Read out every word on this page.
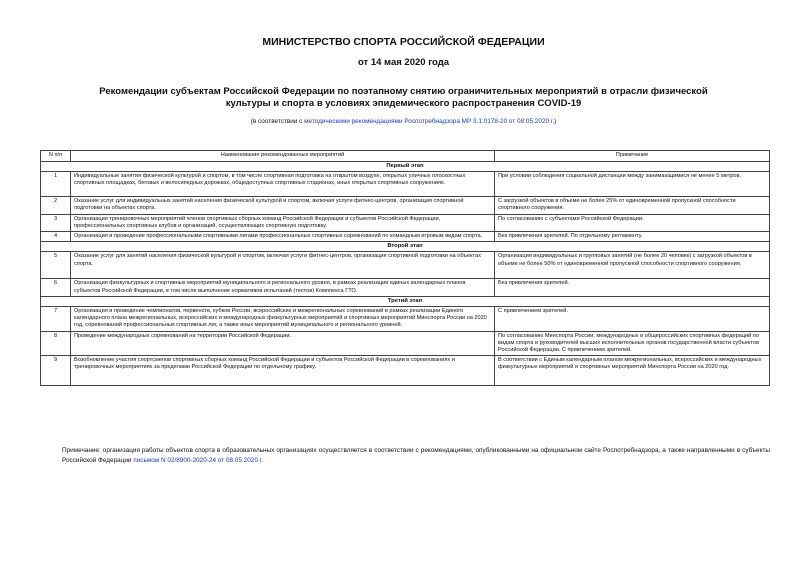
МИНИСТЕРСТВО СПОРТА РОССИЙСКОЙ ФЕДЕРАЦИИ
от 14 мая 2020 года
Рекомендации субъектам Российской Федерации по поэтапному снятию ограничительных мероприятий в отрасли физической культуры и спорта в условиях эпидемического распространения COVID-19
(в соответствии с методическими рекомендациями Роспотребнадзора МР 3.1.0178-20 от 08.05.2020 г.)
N п/п	Наименование рекомендованных мероприятий	Примечание
Первый этап		
1	Индивидуальные занятия физической культурой и спортом, в том числе спортивная подготовка на открытом воздухе, открытых уличных плоскостных спортивных площадках, беговых и велосипедных дорожках, общедоступных спортивных стадионах, иных открытых спортивных сооружениях.	При условии соблюдения социальной дистанции между занимающимися не менее 5 метров.
2	Оказание услуг для индивидуальных занятий населения физической культурой и спортом, включая услуги фитнес-центров, организация спортивной подготовки на объектах спорта.	С загрузкой объектов в объеме не более 25% от единовременной пропускной способности спортивного сооружения.
3	Организация тренировочных мероприятий членов спортивных сборных команд Российской Федерации и субъектов Российской Федерации, профессиональных спортивных клубов и организаций, осуществляющих спортивную подготовку.	По согласованию с субъектами Российской Федерации.
4	Организация и проведение профессиональными спортивными лигами профессиональных спортивных соревнований по командным игровым видам спорта.	Без привлечения зрителей. По отдельному регламенту.
Второй этап		
5	Оказание услуг для занятий населения физической культурой и спортом, включая услуги фитнес-центров, организация спортивной подготовки на объектах спорта.	Организация индивидуальных и групповых занятий (не более 20 человек) с загрузкой объектов в объеме не более 50% от единовременной пропускной способности спортивного сооружения.
6	Организация физкультурных и спортивных мероприятий муниципального и регионального уровня, в рамках реализации единых календарных планов субъектов Российской Федерации, в том числе выполнение нормативов испытаний (тестов) Комплекса ГТО.	Без привлечения зрителей.
Третий этап		
7	Организация и проведение чемпионатов, первенств, кубков России, всероссийских и межрегиональных соревнований в рамках реализации Единого календарного плана межрегиональных, всероссийских и международных физкультурных мероприятий и спортивных мероприятий Минспорта России на 2020 год, соревнований профессиональных спортивных лиг, а также иных мероприятий муниципального и регионального уровней.	С привлечением зрителей.
8	Проведение международных соревнований на территории Российской Федерации.	По согласованию Минспорта России, международных и общероссийских спортивных федераций по видам спорта и руководителей высших исполнительных органов государственной власти субъектов Российской Федерации. С привлечением зрителей.
9	Возобновление участия спортсменов спортивных сборных команд Российской Федерации и субъектов Российской Федерации в соревнованиях и тренировочных мероприятиях за пределами Российской Федерации по отдельному графику.	В соответствии с Единым календарным планом межрегиональных, всероссийских и международных физкультурных мероприятий и спортивных мероприятий Минспорта России на 2020 год.
Примечание: организация работы объектов спорта в образовательных организациях осуществляется в соответствии с рекомендациями, опубликованными на официальном сайте Роспотребнадзора, а также направленными в субъекты Российской Федерации письмом N 02/8900-2020-24 от 08.05.2020 г.
